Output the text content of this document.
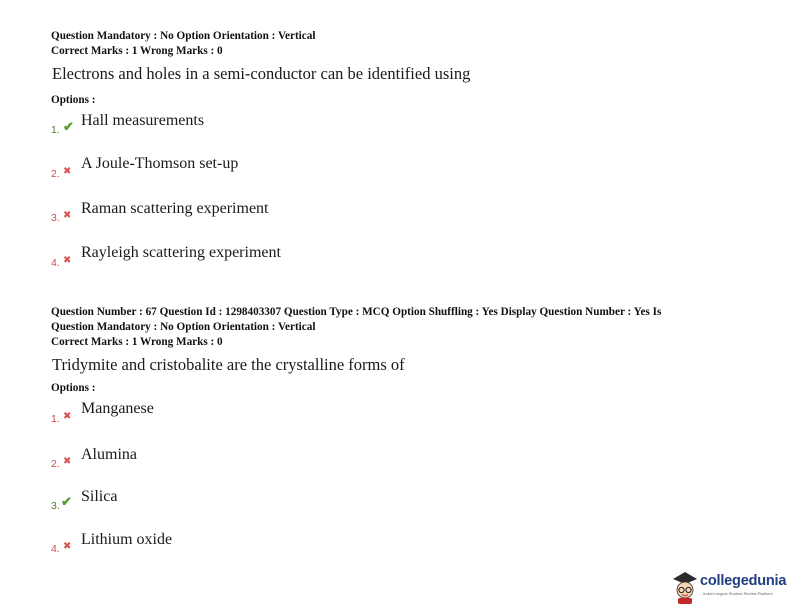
Question Mandatory : No Option Orientation : Vertical
Correct Marks : 1 Wrong Marks : 0
Electrons and holes in a semi-conductor can be identified using
Options :
1. ✔ Hall measurements
2. ✖ A Joule-Thomson set-up
3. ✖ Raman scattering experiment
4. ✖ Rayleigh scattering experiment
Question Number : 67 Question Id : 1298403307 Question Type : MCQ Option Shuffling : Yes Display Question Number : Yes Is
Question Mandatory : No Option Orientation : Vertical
Correct Marks : 1 Wrong Marks : 0
Tridymite and cristobalite are the crystalline forms of
Options :
1. ✖ Manganese
2. ✖ Alumina
3. ✔ Silica
4. ✖ Lithium oxide
collegedunia
India's largest Student Review Platform
